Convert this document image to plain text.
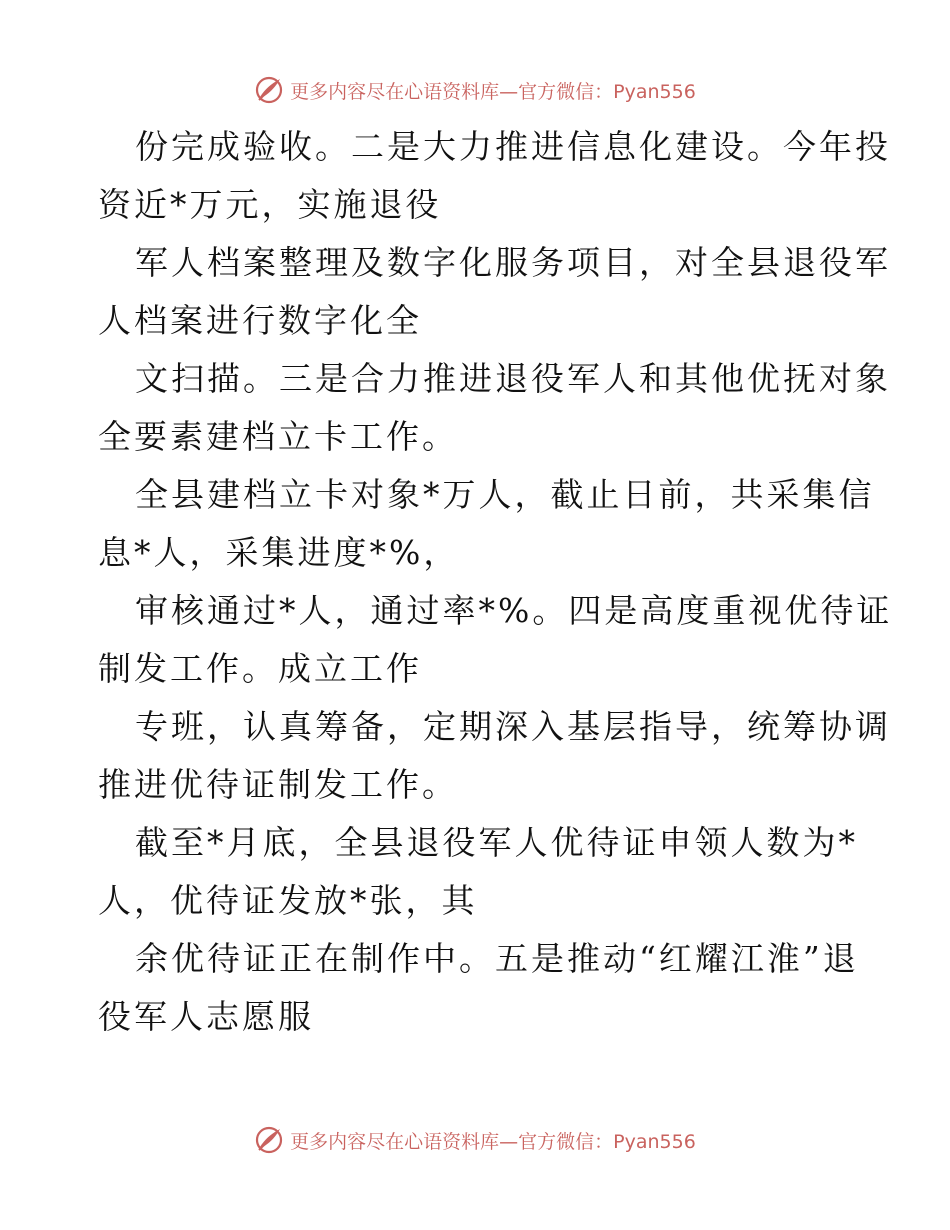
更多内容尽在心语资料库—官方微信：Pyan556
份完成验收。二是大力推进信息化建设。今年投
资近*万元，实施退役
军人档案整理及数字化服务项目，对全县退役军
人档案进行数字化全
文扫描。三是合力推进退役军人和其他优抚对象
全要素建档立卡工作。
全县建档立卡对象*万人，截止日前，共采集信
息*人，采集进度*%，
审核通过*人，通过率*%。四是高度重视优待证
制发工作。成立工作
专班，认真筹备，定期深入基层指导，统筹协调
推进优待证制发工作。
截至*月底，全县退役军人优待证申领人数为*
人，优待证发放*张，其
余优待证正在制作中。五是推动“红耀江淮”退
役军人志愿服
更多内容尽在心语资料库—官方微信：Pyan556
